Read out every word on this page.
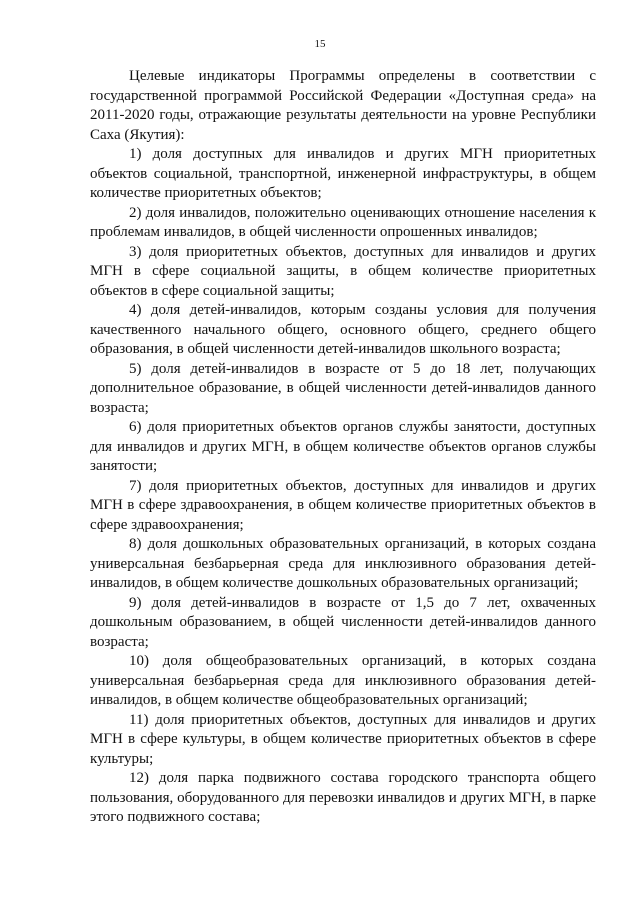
15

Целевые индикаторы Программы определены в соответствии с государственной программой Российской Федерации «Доступная среда» на 2011-2020 годы, отражающие результаты деятельности на уровне Республики Саха (Якутия):

1) доля доступных для инвалидов и других МГН приоритетных объектов социальной, транспортной, инженерной инфраструктуры, в общем количестве приоритетных объектов;

2) доля инвалидов, положительно оценивающих отношение населения к проблемам инвалидов, в общей численности опрошенных инвалидов;

3) доля приоритетных объектов, доступных для инвалидов и других МГН в сфере социальной защиты, в общем количестве приоритетных объектов в сфере социальной защиты;

4) доля детей-инвалидов, которым созданы условия для получения качественного начального общего, основного общего, среднего общего образования, в общей численности детей-инвалидов школьного возраста;

5) доля детей-инвалидов в возрасте от 5 до 18 лет, получающих дополнительное образование, в общей численности детей-инвалидов данного возраста;

6) доля приоритетных объектов органов службы занятости, доступных для инвалидов и других МГН, в общем количестве объектов органов службы занятости;

7) доля приоритетных объектов, доступных для инвалидов и других МГН в сфере здравоохранения, в общем количестве приоритетных объектов в сфере здравоохранения;

8) доля дошкольных образовательных организаций, в которых создана универсальная безбарьерная среда для инклюзивного образования детей-инвалидов, в общем количестве дошкольных образовательных организаций;

9) доля детей-инвалидов в возрасте от 1,5 до 7 лет, охваченных дошкольным образованием, в общей численности детей-инвалидов данного возраста;

10) доля общеобразовательных организаций, в которых создана универсальная безбарьерная среда для инклюзивного образования детей-инвалидов, в общем количестве общеобразовательных организаций;

11) доля приоритетных объектов, доступных для инвалидов и других МГН в сфере культуры, в общем количестве приоритетных объектов в сфере культуры;

12) доля парка подвижного состава городского транспорта общего пользования, оборудованного для перевозки инвалидов и других МГН, в парке этого подвижного состава;
